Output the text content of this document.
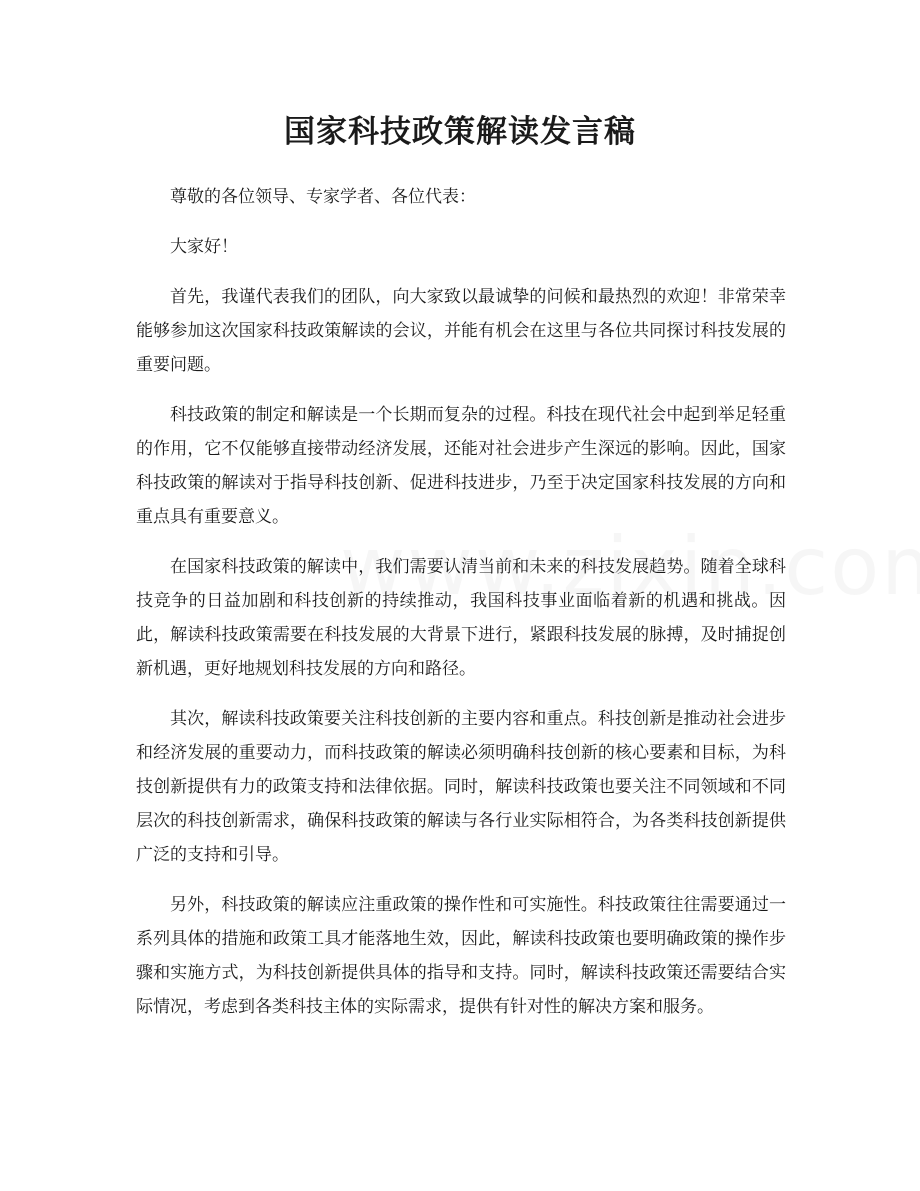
国家科技政策解读发言稿

尊敬的各位领导、专家学者、各位代表：

大家好！

首先，我谨代表我们的团队，向大家致以最诚挚的问候和最热烈的欢迎！非常荣幸能够参加这次国家科技政策解读的会议，并能有机会在这里与各位共同探讨科技发展的重要问题。

科技政策的制定和解读是一个长期而复杂的过程。科技在现代社会中起到举足轻重的作用，它不仅能够直接带动经济发展，还能对社会进步产生深远的影响。因此，国家科技政策的解读对于指导科技创新、促进科技进步，乃至于决定国家科技发展的方向和重点具有重要意义。

在国家科技政策的解读中，我们需要认清当前和未来的科技发展趋势。随着全球科技竞争的日益加剧和科技创新的持续推动，我国科技事业面临着新的机遇和挑战。因此，解读科技政策需要在科技发展的大背景下进行，紧跟科技发展的脉搏，及时捕捉创新机遇，更好地规划科技发展的方向和路径。

其次，解读科技政策要关注科技创新的主要内容和重点。科技创新是推动社会进步和经济发展的重要动力，而科技政策的解读必须明确科技创新的核心要素和目标，为科技创新提供有力的政策支持和法律依据。同时，解读科技政策也要关注不同领域和不同层次的科技创新需求，确保科技政策的解读与各行业实际相符合，为各类科技创新提供广泛的支持和引导。

另外，科技政策的解读应注重政策的操作性和可实施性。科技政策往往需要通过一系列具体的措施和政策工具才能落地生效，因此，解读科技政策也要明确政策的操作步骤和实施方式，为科技创新提供具体的指导和支持。同时，解读科技政策还需要结合实际情况，考虑到各类科技主体的实际需求，提供有针对性的解决方案和服务。
